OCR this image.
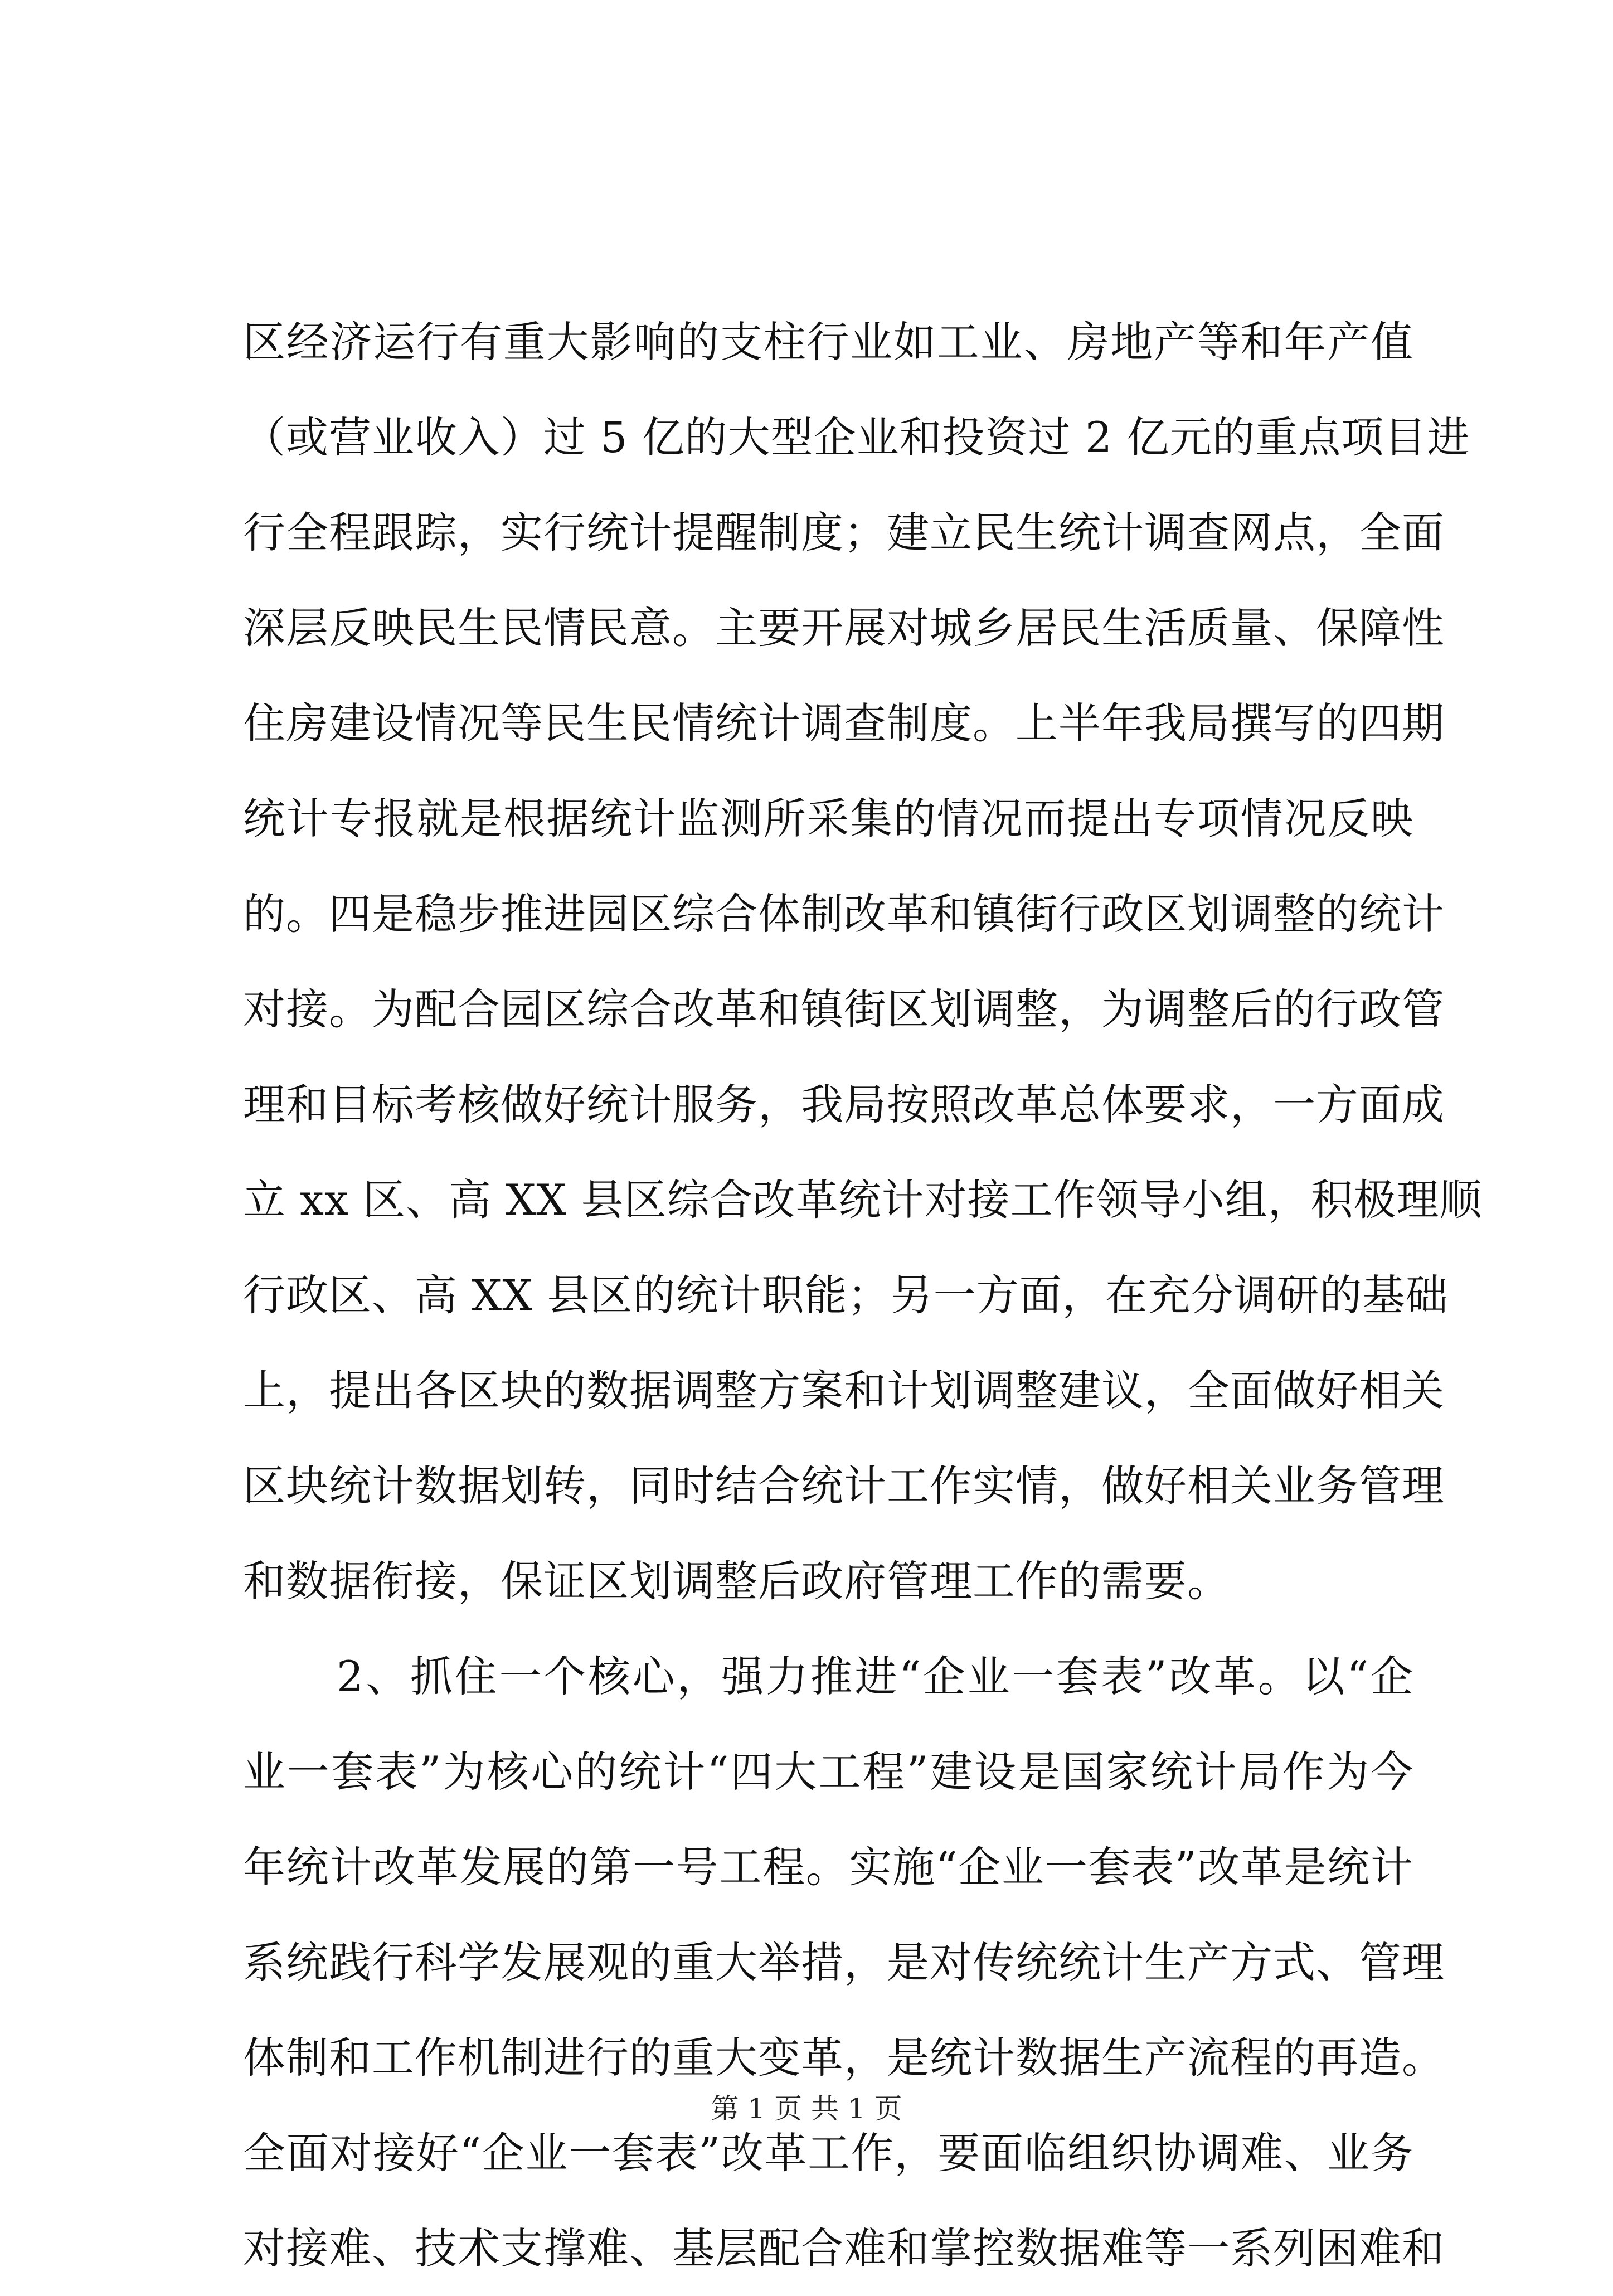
区经济运行有重大影响的支柱行业如工业、房地产等和年产值
（或营业收入）过 5 亿的大型企业和投资过 2 亿元的重点项目进
行全程跟踪，实行统计提醒制度；建立民生统计调查网点，全面
深层反映民生民情民意。主要开展对城乡居民生活质量、保障性
住房建设情况等民生民情统计调查制度。上半年我局撰写的四期
统计专报就是根据统计监测所采集的情况而提出专项情况反映
的。四是稳步推进园区综合体制改革和镇街行政区划调整的统计
对接。为配合园区综合改革和镇街区划调整，为调整后的行政管
理和目标考核做好统计服务，我局按照改革总体要求，一方面成
立 xx 区、高 XX 县区综合改革统计对接工作领导小组，积极理顺
行政区、高 XX 县区的统计职能；另一方面，在充分调研的基础
上，提出各区块的数据调整方案和计划调整建议，全面做好相关
区块统计数据划转，同时结合统计工作实情，做好相关业务管理
和数据衔接，保证区划调整后政府管理工作的需要。
2、抓住一个核心，强力推进“企业一套表”改革。以“企
业一套表”为核心的统计“四大工程”建设是国家统计局作为今
年统计改革发展的第一号工程。实施“企业一套表”改革是统计
系统践行科学发展观的重大举措，是对传统统计生产方式、管理
体制和工作机制进行的重大变革，是统计数据生产流程的再造。
全面对接好“企业一套表”改革工作，要面临组织协调难、业务
对接难、技术支撑难、基层配合难和掌控数据难等一系列困难和
第 1 页 共 1 页
